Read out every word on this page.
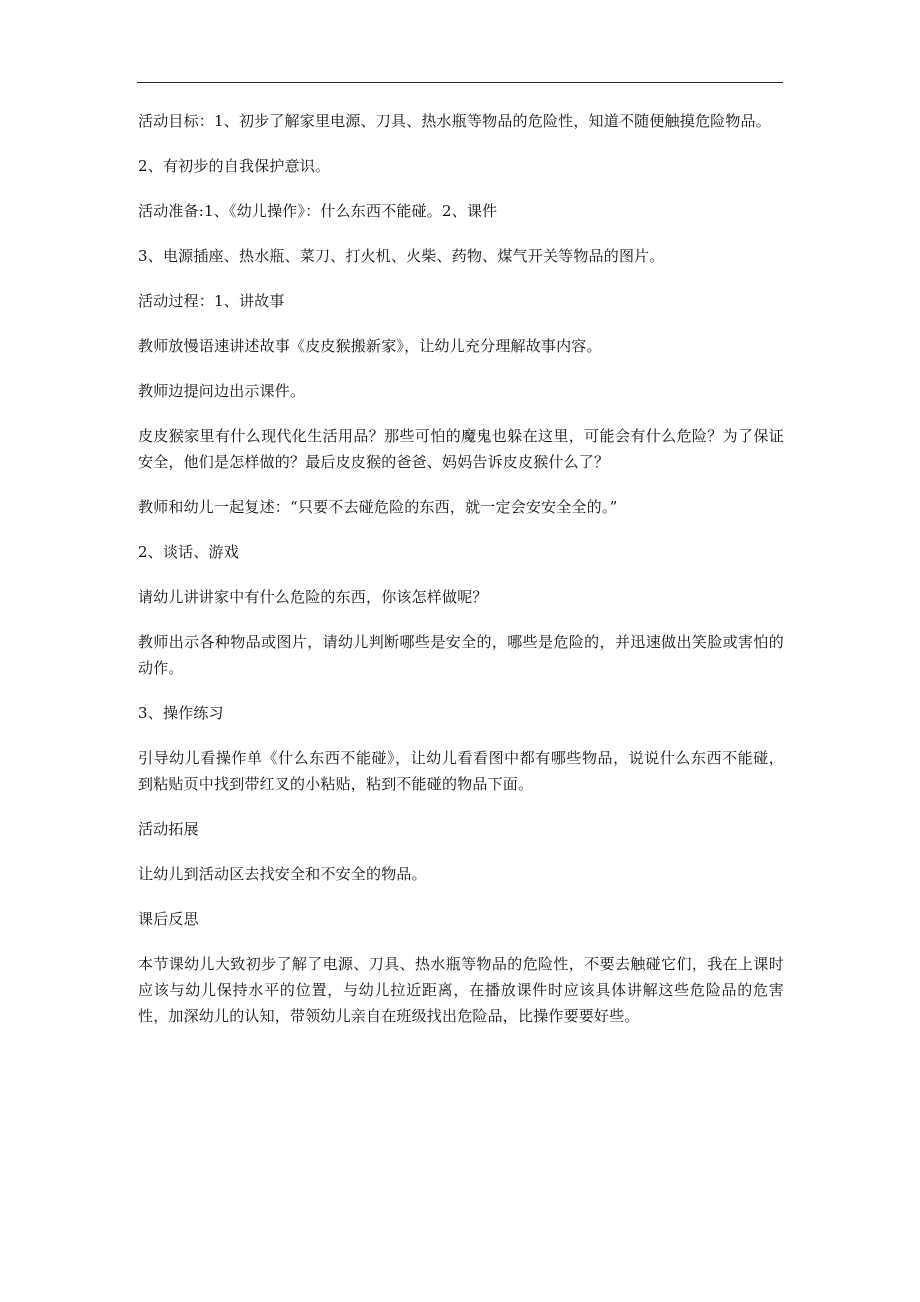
活动目标：1、初步了解家里电源、刀具、热水瓶等物品的危险性，知道不随便触摸危险物品。

2、有初步的自我保护意识。

活动准备:1、《幼儿操作》：什么东西不能碰。2、课件

3、电源插座、热水瓶、菜刀、打火机、火柴、药物、煤气开关等物品的图片。

活动过程：1、讲故事

教师放慢语速讲述故事《皮皮猴搬新家》，让幼儿充分理解故事内容。

教师边提问边出示课件。

皮皮猴家里有什么现代化生活用品？那些可怕的魔鬼也躲在这里，可能会有什么危险？为了保证安全，他们是怎样做的？最后皮皮猴的爸爸、妈妈告诉皮皮猴什么了？

教师和幼儿一起复述：“只要不去碰危险的东西，就一定会安安全全的。”

2、谈话、游戏

请幼儿讲讲家中有什么危险的东西，你该怎样做呢？

教师出示各种物品或图片，请幼儿判断哪些是安全的，哪些是危险的，并迅速做出笑脸或害怕的动作。

3、操作练习

引导幼儿看操作单《什么东西不能碰》，让幼儿看看图中都有哪些物品，说说什么东西不能碰，到粘贴页中找到带红叉的小粘贴，粘到不能碰的物品下面。

活动拓展

让幼儿到活动区去找安全和不安全的物品。

课后反思

本节课幼儿大致初步了解了电源、刀具、热水瓶等物品的危险性，不要去触碰它们，我在上课时应该与幼儿保持水平的位置，与幼儿拉近距离，在播放课件时应该具体讲解这些危险品的危害性，加深幼儿的认知，带领幼儿亲自在班级找出危险品，比操作要要好些。
